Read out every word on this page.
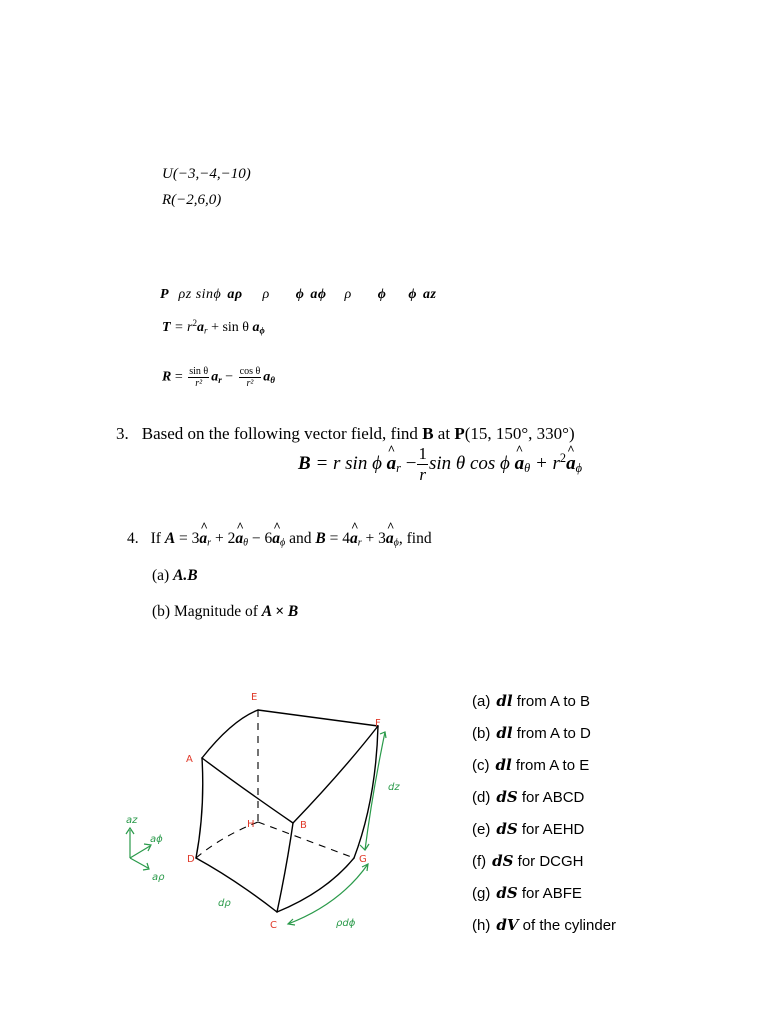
U(−3,−4,−10)
R(−2,6,0)
P ρz sinϕ aρ ρ ϕ aϕ ρ ϕ ϕ az
$T = r^2a_r + \sin \theta$ $a_\phi$
$R = \frac{\text{sin θ}}{\text{r²}} a_r - \frac{\text{cos θ}}{\text{r²}} a_\theta$
3. Based on the following vector field, find B at P(15, 150°, 330°)
B = r sin ϕ ^ $a_r - \frac{1}{r}$ sin θ cos ϕ ^ $a_\theta$ + $r^2\^{}$ $a_\phi$
4. If A = 3^ $a_r$ + 2^ $a_\theta$ − 6^ $a_\phi$ and B = 4^ $a_r$ + 3^ $a_\phi$, find
(a) A.B
(b) Magnitude of A × B
E
F
A
H	B
D	G
C
dz
dρ
ρdϕ
az
aϕ
aρ
(a) dl from A to B
(b) dl from A to D
(c) dl from A to E
(d) dS for ABCD
(e) dS for AEHD
(f) dS for DCGH
(g) dS for ABFE
(h) dV of the cylinder
